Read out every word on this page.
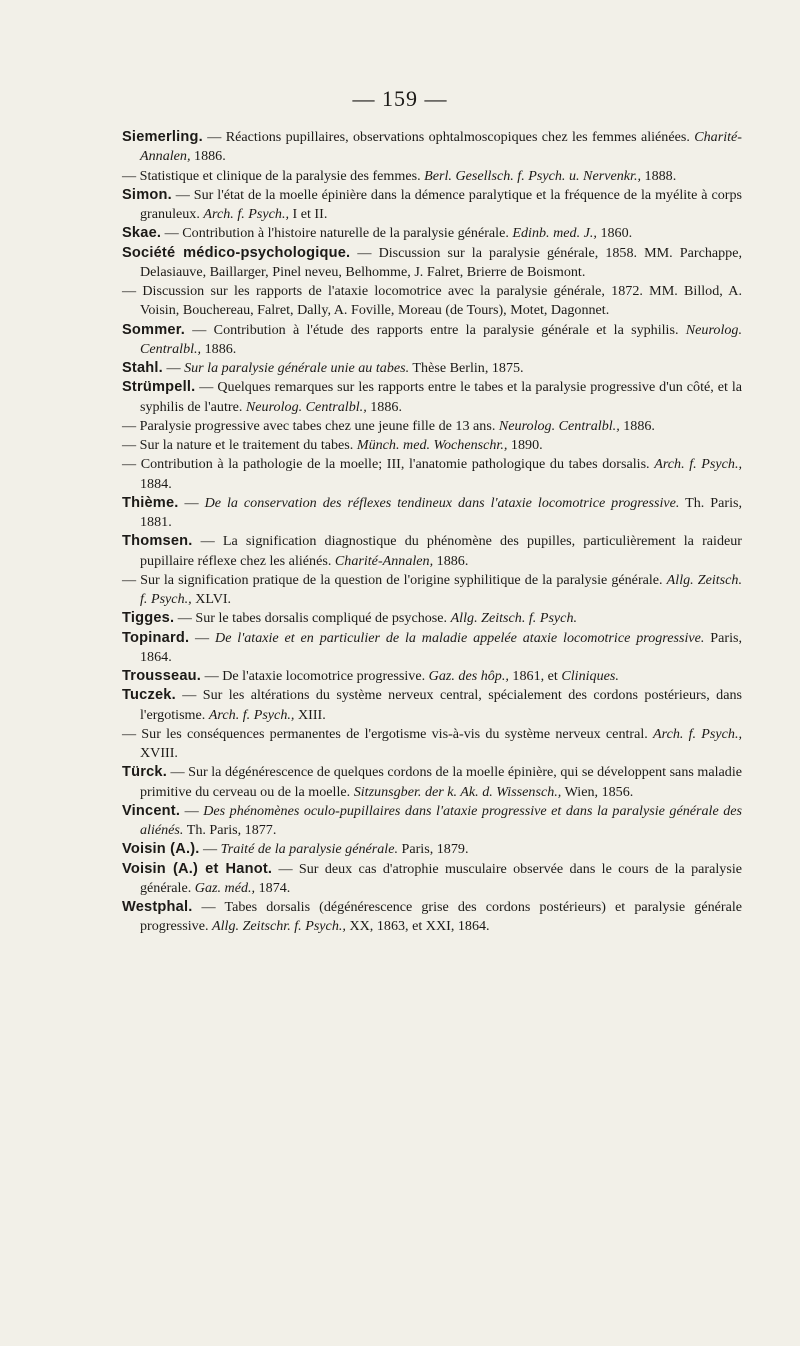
— 159 —

Siemerling. — Réactions pupillaires, observations ophtalmoscopiques chez les femmes aliénées. Charité-Annalen, 1886.

— Statistique et clinique de la paralysie des femmes. Berl. Gesellsch. f. Psych. u. Nervenkr., 1888.

Simon. — Sur l'état de la moelle épinière dans la démence paralytique et la fréquence de la myélite à corps granuleux. Arch. f. Psych., I et II.

Skae. — Contribution à l'histoire naturelle de la paralysie générale. Edinb. med. J., 1860.

Société médico-psychologique. — Discussion sur la paralysie générale, 1858. MM. Parchappe, Delasiauve, Baillarger, Pinel neveu, Belhomme, J. Falret, Brierre de Boismont.

— Discussion sur les rapports de l'ataxie locomotrice avec la paralysie générale, 1872. MM. Billod, A. Voisin, Bouchereau, Falret, Dally, A. Foville, Moreau (de Tours), Motet, Dagonnet.

Sommer. — Contribution à l'étude des rapports entre la paralysie générale et la syphilis. Neurolog. Centralbl., 1886.

Stahl. — Sur la paralysie générale unie au tabes. Thèse Berlin, 1875.

Strümpell. — Quelques remarques sur les rapports entre le tabes et la paralysie progressive d'un côté, et la syphilis de l'autre. Neurolog. Centralbl., 1886.

— Paralysie progressive avec tabes chez une jeune fille de 13 ans. Neurolog. Centralbl., 1886.

— Sur la nature et le traitement du tabes. Münch. med. Wochenschr., 1890.

— Contribution à la pathologie de la moelle; III, l'anatomie pathologique du tabes dorsalis. Arch. f. Psych., 1884.

Thième. — De la conservation des réflexes tendineux dans l'ataxie locomotrice progressive. Th. Paris, 1881.

Thomsen. — La signification diagnostique du phénomène des pupilles, particulièrement la raideur pupillaire réflexe chez les aliénés. Charité-Annalen, 1886.

— Sur la signification pratique de la question de l'origine syphilitique de la paralysie générale. Allg. Zeitsch. f. Psych., XLVI.

Tigges. — Sur le tabes dorsalis compliqué de psychose. Allg. Zeitsch. f. Psych.

Topinard. — De l'ataxie et en particulier de la maladie appelée ataxie locomotrice progressive. Paris, 1864.

Trousseau. — De l'ataxie locomotrice progressive. Gaz. des hôp., 1861, et Cliniques.

Tuczek. — Sur les altérations du système nerveux central, spécialement des cordons postérieurs, dans l'ergotisme. Arch. f. Psych., XIII.

— Sur les conséquences permanentes de l'ergotisme vis-à-vis du système nerveux central. Arch. f. Psych., XVIII.

Türck. — Sur la dégénérescence de quelques cordons de la moelle épinière, qui se développent sans maladie primitive du cerveau ou de la moelle. Sitzunsgber. der k. Ak. d. Wissensch., Wien, 1856.

Vincent. — Des phénomènes oculo-pupillaires dans l'ataxie progressive et dans la paralysie générale des aliénés. Th. Paris, 1877.

Voisin (A.). — Traité de la paralysie générale. Paris, 1879.

Voisin (A.) et Hanot. — Sur deux cas d'atrophie musculaire observée dans le cours de la paralysie générale. Gaz. méd., 1874.

Westphal. — Tabes dorsalis (dégénérescence grise des cordons postérieurs) et paralysie générale progressive. Allg. Zeitschr. f. Psych., XX, 1863, et XXI, 1864.
